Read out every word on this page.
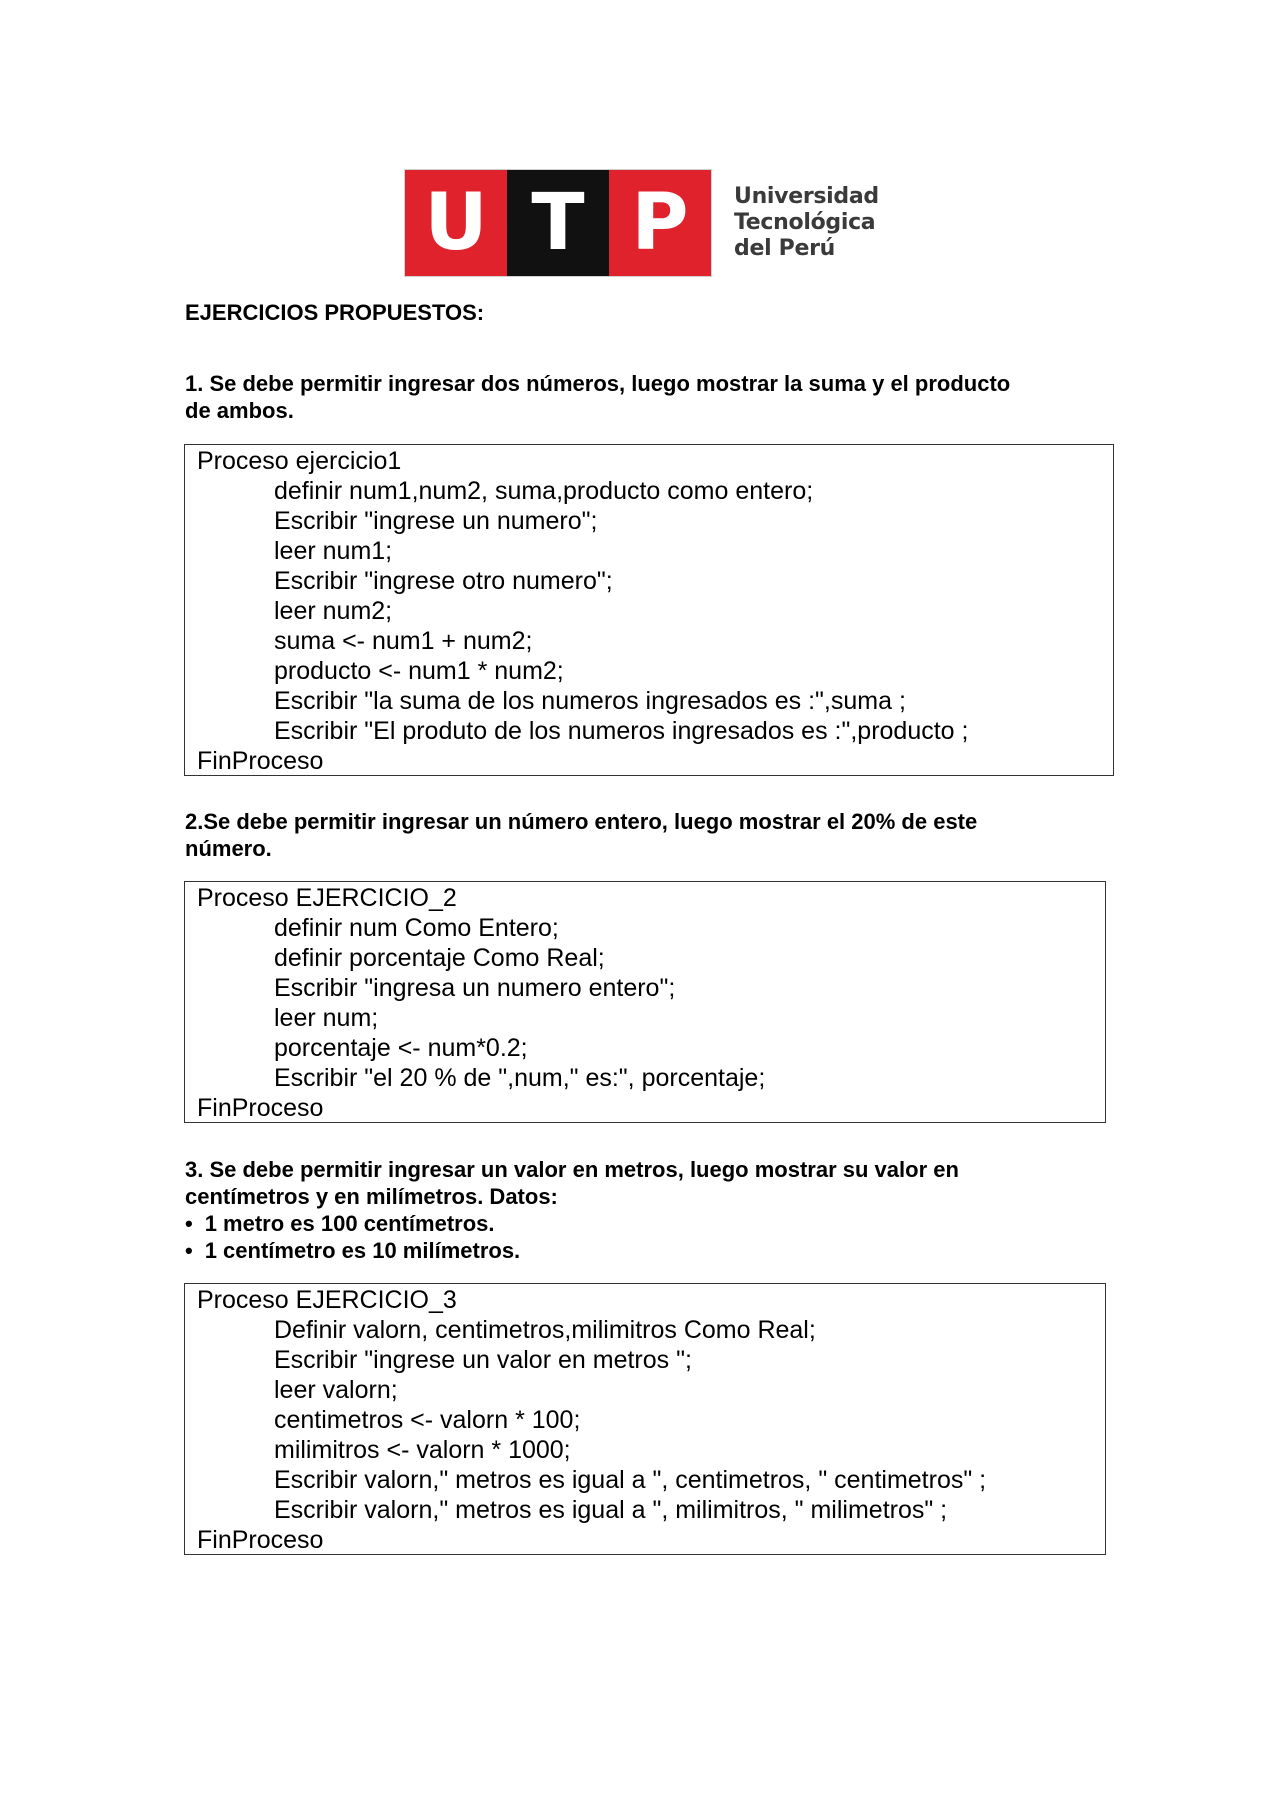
U T P	Universidad
Tecnológica
del Perú
EJERCICIOS PROPUESTOS:
1. Se debe permitir ingresar dos números, luego mostrar la suma y el producto
de ambos.
Proceso ejercicio1
definir num1,num2, suma,producto como entero;
Escribir "ingrese un numero";
leer num1;
Escribir "ingrese otro numero";
leer num2;
suma <- num1 + num2;
producto <- num1 * num2;
Escribir "la suma de los numeros ingresados es :",suma ;
Escribir "El produto de los numeros ingresados es :",producto ;
FinProceso
2.Se debe permitir ingresar un número entero, luego mostrar el 20% de este
número.
Proceso EJERCICIO_2
definir num Como Entero;
definir porcentaje Como Real;
Escribir "ingresa un numero entero";
leer num;
porcentaje <- num*0.2;
Escribir "el 20 % de ",num," es:", porcentaje;
FinProceso
3. Se debe permitir ingresar un valor en metros, luego mostrar su valor en
centímetros y en milímetros. Datos:
• 1 metro es 100 centímetros.
• 1 centímetro es 10 milímetros.
Proceso EJERCICIO_3
Definir valorn, centimetros,milimitros Como Real;
Escribir "ingrese un valor en metros ";
leer valorn;
centimetros <- valorn * 100;
milimitros <- valorn * 1000;
Escribir valorn," metros es igual a ", centimetros, " centimetros" ;
Escribir valorn," metros es igual a ", milimitros, " milimetros" ;
FinProceso
